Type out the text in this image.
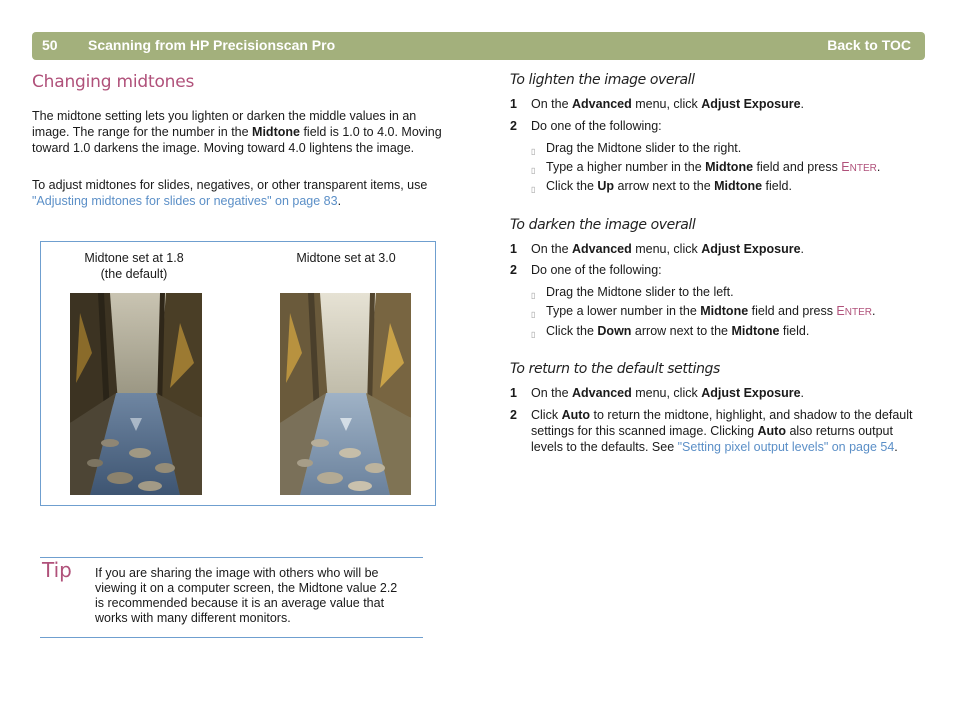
50 Scanning from HP Precisionscan Pro	Back to TOC
Changing midtones

The midtone setting lets you lighten or darken the middle values in an image. The range for the number in the Midtone field is 1.0 to 4.0. Moving toward 1.0 darkens the image. Moving toward 4.0 lightens the image.

To adjust midtones for slides, negatives, or other transparent items, use "Adjusting midtones for slides or negatives" on page 83.

Midtone set at 1.8
(the default)
Midtone set at 3.0
Tip If you are sharing the image with others who will be viewing it on a computer screen, the Midtone value 2.2 is recommended because it is an average value that works with many different monitors.
To lighten the image overall
1 On the Advanced menu, click Adjust Exposure.
2 Do one of the following:
▯ Drag the Midtone slider to the right.
▯ Type a higher number in the Midtone field and press ENTER.
▯ Click the Up arrow next to the Midtone field.
To darken the image overall
1 On the Advanced menu, click Adjust Exposure.
2 Do one of the following:
▯ Drag the Midtone slider to the left.
▯ Type a lower number in the Midtone field and press ENTER.
▯ Click the Down arrow next to the Midtone field.
To return to the default settings
1 On the Advanced menu, click Adjust Exposure.
2 Click Auto to return the midtone, highlight, and shadow to the default settings for this scanned image. Clicking Auto also returns output levels to the defaults. See "Setting pixel output levels" on page 54.
